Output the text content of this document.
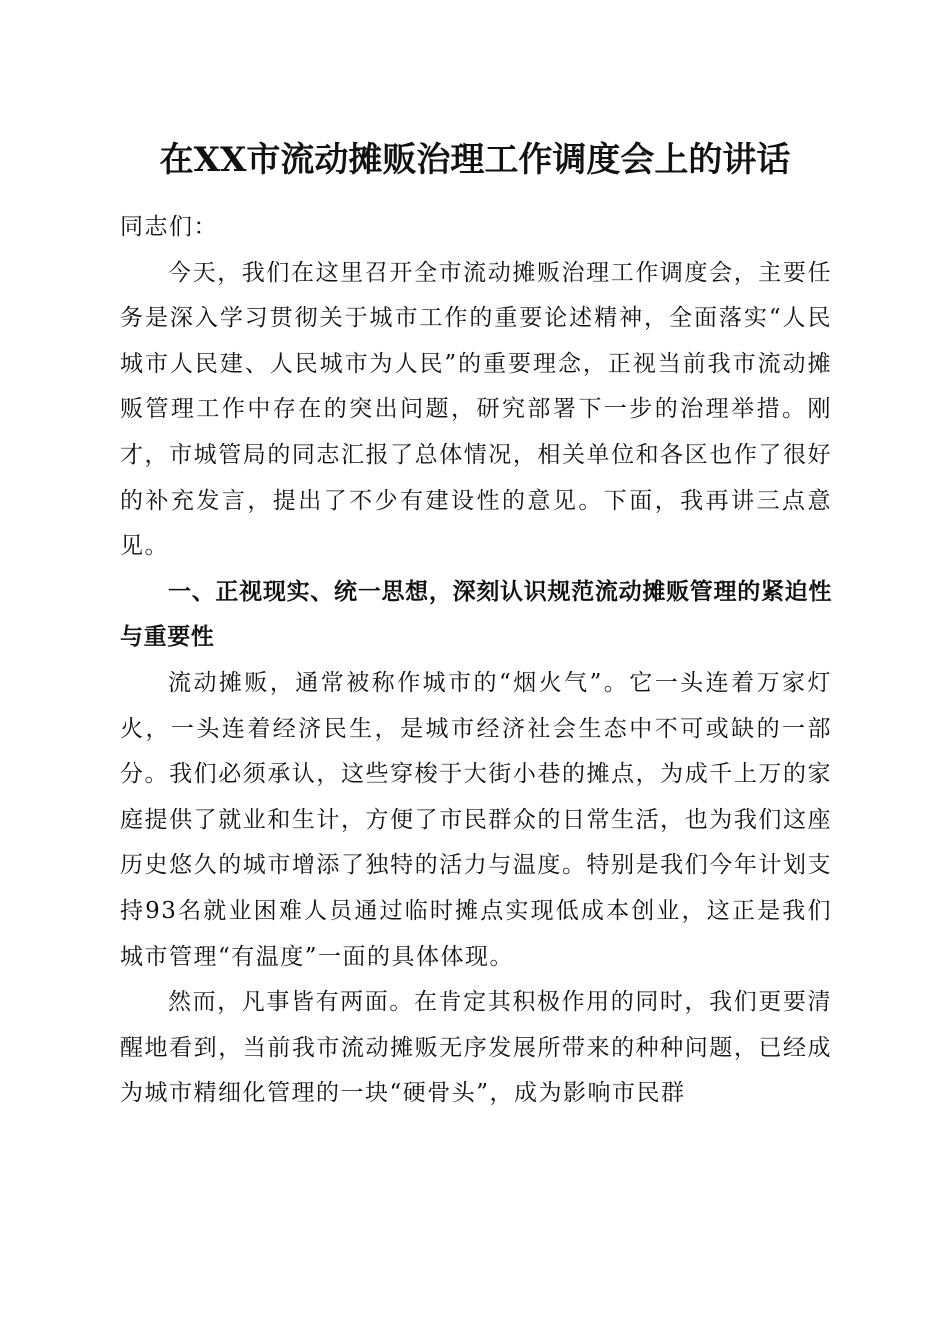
在XX市流动摊贩治理工作调度会上的讲话

同志们：

今天，我们在这里召开全市流动摊贩治理工作调度会，主要任务是深入学习贯彻关于城市工作的重要论述精神，全面落实“人民城市人民建、人民城市为人民”的重要理念，正视当前我市流动摊贩管理工作中存在的突出问题，研究部署下一步的治理举措。刚才，市城管局的同志汇报了总体情况，相关单位和各区也作了很好的补充发言，提出了不少有建设性的意见。下面，我再讲三点意见。

一、正视现实、统一思想，深刻认识规范流动摊贩管理的紧迫性与重要性

流动摊贩，通常被称作城市的“烟火气”。它一头连着万家灯火，一头连着经济民生，是城市经济社会生态中不可或缺的一部分。我们必须承认，这些穿梭于大街小巷的摊点，为成千上万的家庭提供了就业和生计，方便了市民群众的日常生活，也为我们这座历史悠久的城市增添了独特的活力与温度。特别是我们今年计划支持93名就业困难人员通过临时摊点实现低成本创业，这正是我们城市管理“有温度”一面的具体体现。

然而，凡事皆有两面。在肯定其积极作用的同时，我们更要清醒地看到，当前我市流动摊贩无序发展所带来的种种问题，已经成为城市精细化管理的一块“硬骨头”，成为影响市民群
